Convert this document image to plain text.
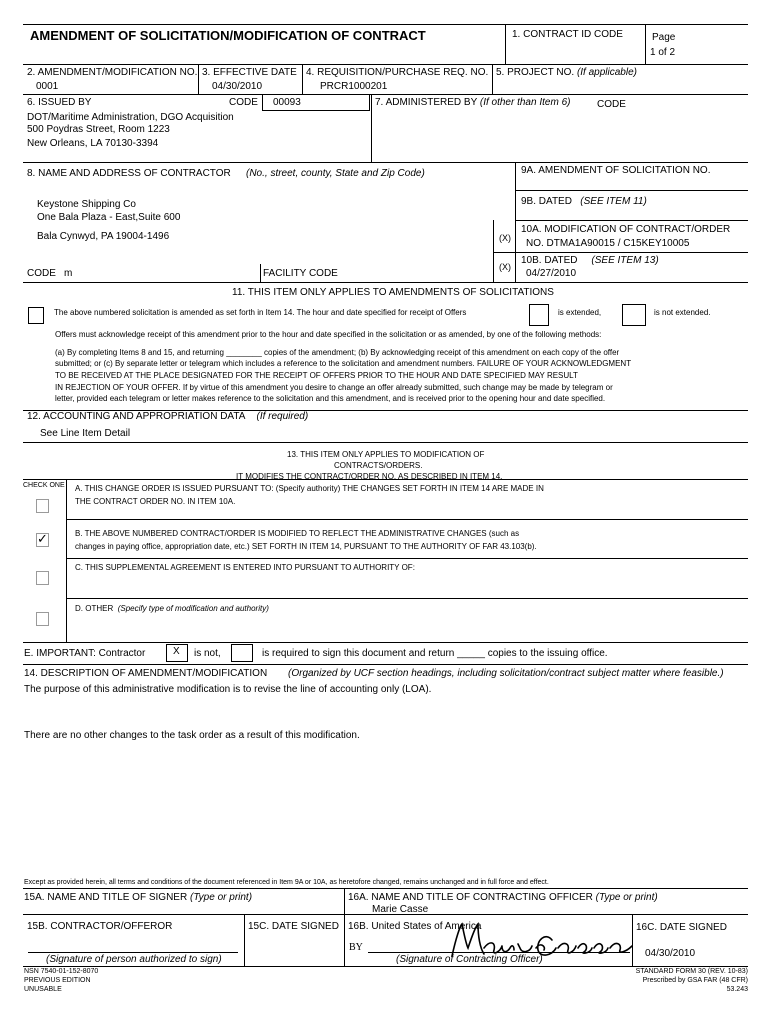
AMENDMENT OF SOLICITATION/MODIFICATION OF CONTRACT	1. CONTRACT ID CODE	Page
1 of 2
2. AMENDMENT/MODIFICATION NO.
0001
3. EFFECTIVE DATE
04/30/2010
4. REQUISITION/PURCHASE REQ. NO.
PRCR1000201
5. PROJECT NO. (If applicable)
6. ISSUED BY	CODE 00093
DOT/Maritime Administration, DGO Acquisition
500 Poydras Street, Room 1223
New Orleans, LA 70130-3394
7. ADMINISTERED BY (If other than Item 6)	CODE
8. NAME AND ADDRESS OF CONTRACTOR (No., street, county, State and Zip Code)
Keystone Shipping Co
One Bala Plaza - East,Suite 600
Bala Cynwyd, PA 19004-1496
CODE m	FACILITY CODE
9A. AMENDMENT OF SOLICITATION NO.
9B. DATED (SEE ITEM 11)
(X)
10A. MODIFICATION OF CONTRACT/ORDER
NO. DTMA1A90015 / C15KEY10005
(X)
10B. DATED (SEE ITEM 13)
04/27/2010
11. THIS ITEM ONLY APPLIES TO AMENDMENTS OF SOLICITATIONS
The above numbered solicitation is amended as set forth in Item 14. The hour and date specified for receipt of Offers	is extended,	is not extended.
Offers must acknowledge receipt of this amendment prior to the hour and date specified in the solicitation or as amended, by one of the following methods:
(a) By completing Items 8 and 15, and returning ________ copies of the amendment; (b) By acknowledging receipt of this amendment on each copy of the offer
submitted; or (c) By separate letter or telegram which includes a reference to the solicitation and amendment numbers. FAILURE OF YOUR ACKNOWLEDGMENT
TO BE RECEIVED AT THE PLACE DESIGNATED FOR THE RECEIPT OF OFFERS PRIOR TO THE HOUR AND DATE SPECIFIED MAY RESULT
IN REJECTION OF YOUR OFFER. If by virtue of this amendment you desire to change an offer already submitted, such change may be made by telegram or
letter, provided each telegram or letter makes reference to the solicitation and this amendment, and is received prior to the opening hour and date specified.
12. ACCOUNTING AND APPROPRIATION DATA (If required)
See Line Item Detail
13. THIS ITEM ONLY APPLIES TO MODIFICATION OF
CONTRACTS/ORDERS.
IT MODIFIES THE CONTRACT/ORDER NO. AS DESCRIBED IN ITEM 14.
CHECK ONE A. THIS CHANGE ORDER IS ISSUED PURSUANT TO: (Specify authority) THE CHANGES SET FORTH IN ITEM 14 ARE MADE IN
THE CONTRACT ORDER NO. IN ITEM 10A.
✓	B. THE ABOVE NUMBERED CONTRACT/ORDER IS MODIFIED TO REFLECT THE ADMINISTRATIVE CHANGES (such as
changes in paying office, appropriation date, etc.) SET FORTH IN ITEM 14, PURSUANT TO THE AUTHORITY OF FAR 43.103(b).
C. THIS SUPPLEMENTAL AGREEMENT IS ENTERED INTO PURSUANT TO AUTHORITY OF:
D. OTHER (Specify type of modification and authority)
E. IMPORTANT: Contractor	X is not,	is required to sign this document and return _____ copies to the issuing office.
14. DESCRIPTION OF AMENDMENT/MODIFICATION (Organized by UCF section headings, including solicitation/contract subject matter where feasible.)
The purpose of this administrative modification is to revise the line of accounting only (LOA).
There are no other changes to the task order as a result of this modification.
Except as provided herein, all terms and conditions of the document referenced in Item 9A or 10A, as heretofore changed, remains unchanged and in full force and effect.
15A. NAME AND TITLE OF SIGNER (Type or print)	16A. NAME AND TITLE OF CONTRACTING OFFICER (Type or print)
Marie Casse
15B. CONTRACTOR/OFFEROR	15C. DATE SIGNED 16B. United States of America	16C. DATE SIGNED
04/30/2010
BY
(Signature of person authorized to sign)	(Signature of Contracting Officer)
NSN 7540-01-152-8070
PREVIOUS EDITION
UNUSABLE
STANDARD FORM 30 (REV. 10-83)
Prescribed by GSA FAR (48 CFR)
53.243
